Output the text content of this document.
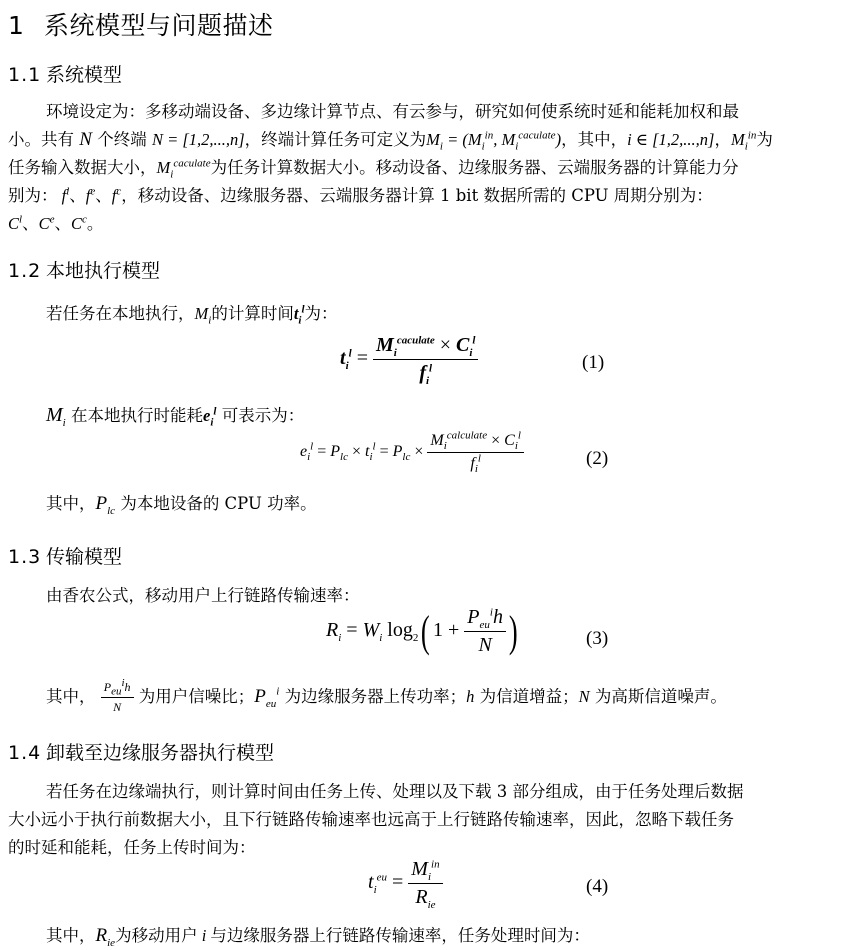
1 系统模型与问题描述
1.1 系统模型
环境设定为：多移动端设备、多边缘计算节点、有云参与，研究如何使系统时延和能耗加权和最
小。共有 N 个终端 N = [1,2,...,n]，终端计算任务可定义为$M_i = (M_i^{in}$, $M_i^{caculate}$)，其中，i ∈ [1,2,...,n]，$M_i^{in}$为
任务输入数据大小，$M_i^{caculate}$为任务计算数据大小。移动设备、边缘服务器、云端服务器的计算能力分
别为： $f^l$、$f^e$、$f^c$，移动设备、边缘服务器、云端服务器计算 1 bit 数据所需的 CPU 周期分别为：
$C^l$、Ce、$C^c$。
1.2 本地执行模型
若任务在本地执行，$M_i$的计算时间$t_i^l$为：
$t_i^l = \frac{M_i^{caculate} \times C_i^l}{f_i^l}$	(1)
$M_i$ 在本地执行时能耗$e_i^l$ 可表示为：
$e_i^l = P_{lc} \times t_i^l = P_{lc} \times \frac{M_i^{calculate} \times C_i^l}{f_i^l}$	(2)
其中，$P_{lc}$ 为本地设备的 CPU 功率。
1.3 传输模型
由香农公式，移动用户上行链路传输速率：
$R_i = W_i$ $\log_2$( $1 + \frac{P_{eu}^ih}{N}$ )	(3)
其中， $\frac{P_{eu}^ih}{N}$ 为用户信噪比；$P_{eu}^i$ 为边缘服务器上传功率；h 为信道增益；N 为高斯信道噪声。
1.4 卸载至边缘服务器执行模型
若任务在边缘端执行，则计算时间由任务上传、处理以及下载 3 部分组成，由于任务处理后数据
大小远小于执行前数据大小，且下行链路传输速率也远高于上行链路传输速率，因此，忽略下载任务
的时延和能耗，任务上传时间为：
$t_i^{eu} = \frac{M_i^{in}}{R_{ie}}$	(4)
其中，$R_{ie}$为移动用户 i 与边缘服务器上行链路传输速率，任务处理时间为：
